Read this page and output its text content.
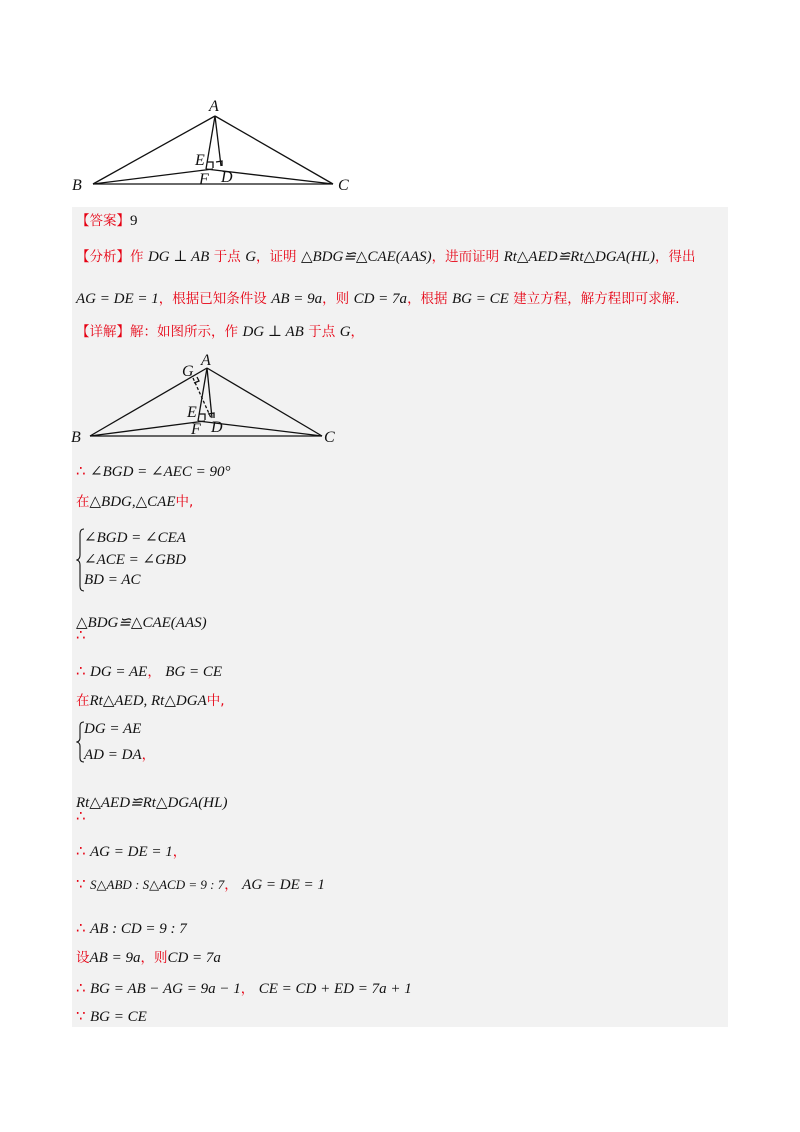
A
B	C
E
F D
【答案】9
【分析】作 DG ⊥ AB 于点 G，证明 △BDG≌△CAE(AAS)，进而证明 Rt△AED≌Rt△DGA(HL)，得出
AG = DE = 1，根据已知条件设 AB = 9a，则 CD = 7a，根据 BG = CE 建立方程，解方程即可求解.
【详解】解：如图所示，作 DG ⊥ AB 于点 G，
A
G
B	C
E
F D
∴ ∠BGD = ∠AEC = 90°
在△BDG,△CAE中,
∠BGD = ∠CEA
∠ACE = ∠GBD
BD = AC
△BDG≌△CAE(AAS)
∴
∴ DG = AE， BG = CE
在Rt△AED, Rt△DGA中,
DG = AE
AD = DA，
Rt△AED≌Rt△DGA(HL)
∴
∴ AG = DE = 1，
∵ S△ABD : S△ACD = 9 : 7， AG = DE = 1
∴ AB : CD = 9 : 7
设AB = 9a，则CD = 7a
∴ BG = AB − AG = 9a − 1， CE = CD + ED = 7a + 1
∵ BG = CE
